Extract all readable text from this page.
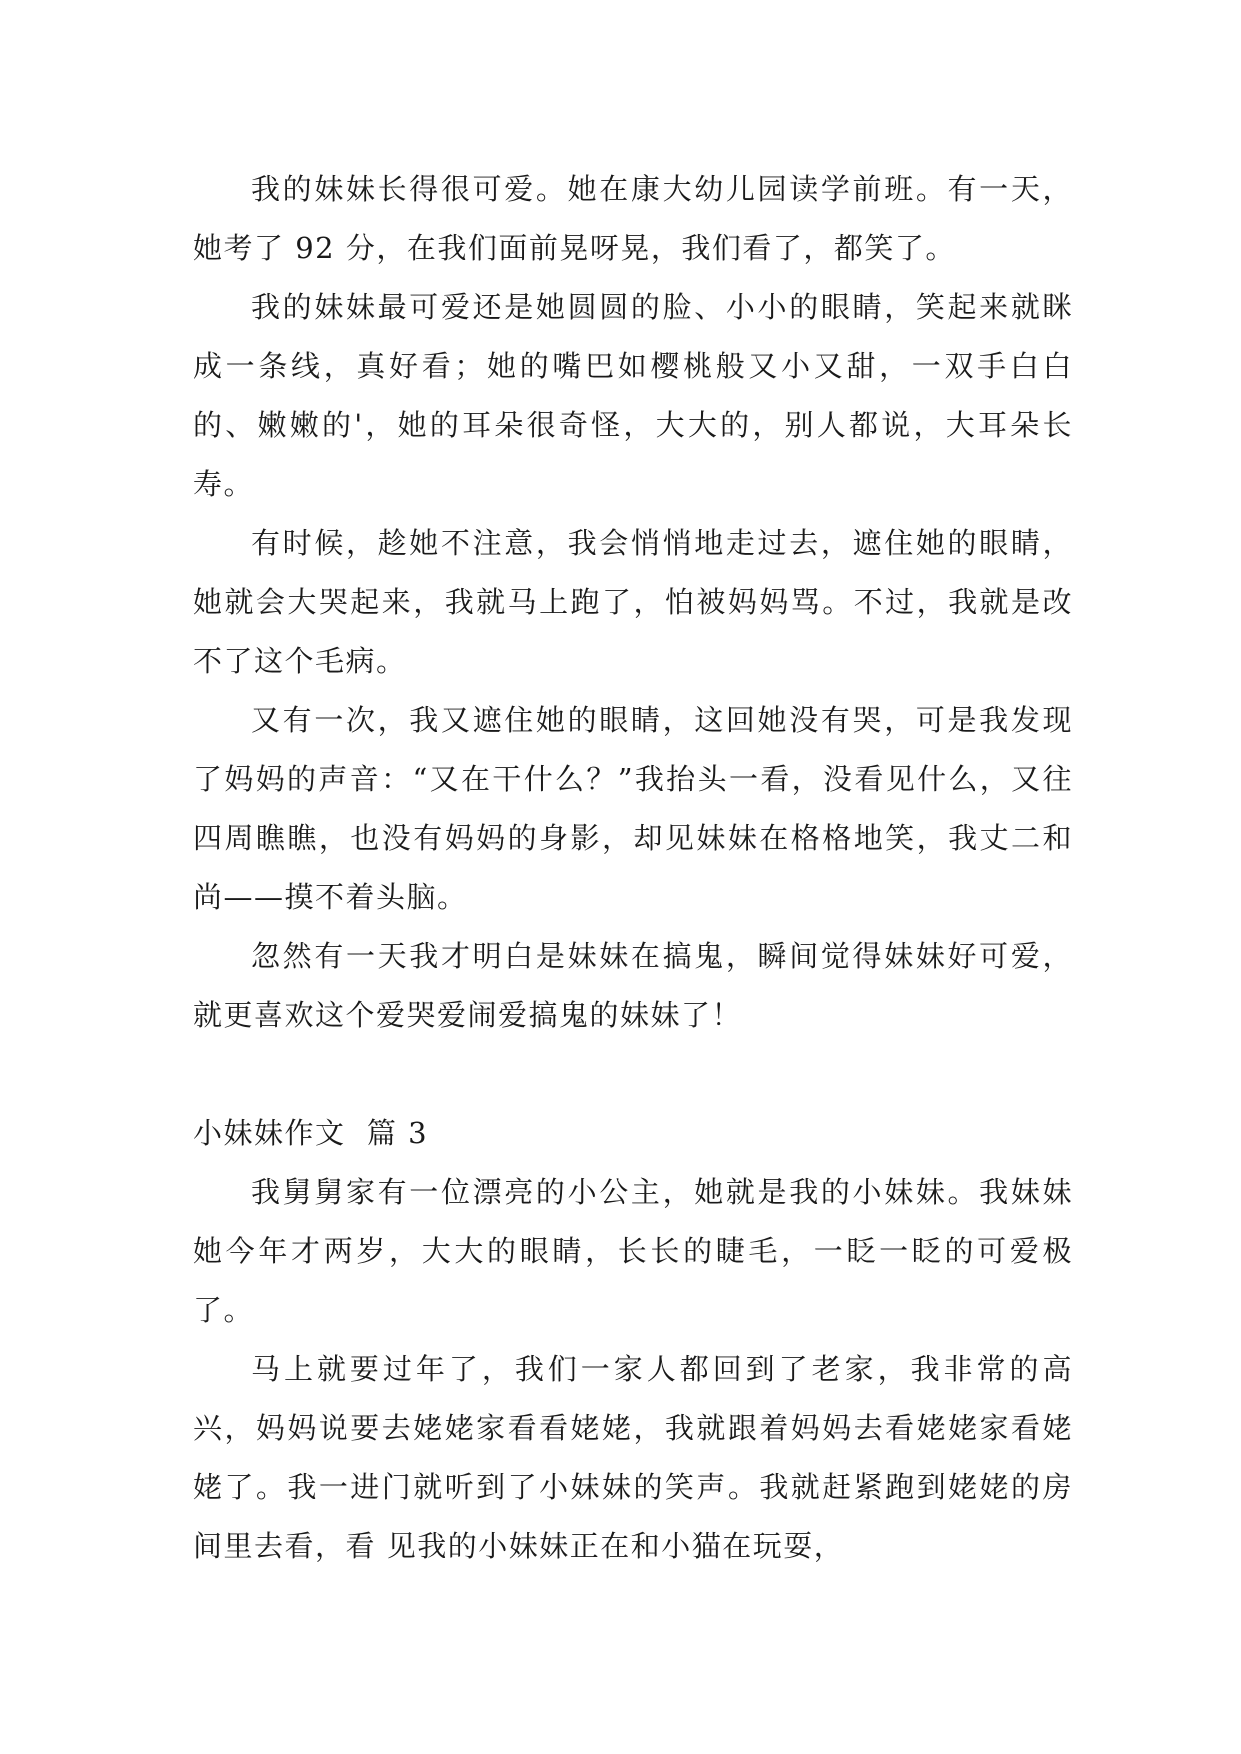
我的妹妹长得很可爱。她在康大幼儿园读学前班。有一天，她考了 92 分，在我们面前晃呀晃，我们看了，都笑了。

我的妹妹最可爱还是她圆圆的脸、小小的眼睛，笑起来就眯成一条线，真好看；她的嘴巴如樱桃般又小又甜，一双手白白的、嫩嫩的'，她的耳朵很奇怪，大大的，别人都说，大耳朵长寿。

有时候，趁她不注意，我会悄悄地走过去，遮住她的眼睛，她就会大哭起来，我就马上跑了，怕被妈妈骂。不过，我就是改不了这个毛病。

又有一次，我又遮住她的眼睛，这回她没有哭，可是我发现了妈妈的声音：“又在干什么？”我抬头一看，没看见什么，又往四周瞧瞧，也没有妈妈的身影，却见妹妹在格格地笑，我丈二和尚——摸不着头脑。

忽然有一天我才明白是妹妹在搞鬼，瞬间觉得妹妹好可爱，就更喜欢这个爱哭爱闹爱搞鬼的妹妹了！

小妹妹作文  篇 3

我舅舅家有一位漂亮的小公主，她就是我的小妹妹。我妹妹她今年才两岁，大大的眼睛，长长的睫毛，一眨一眨的可爱极了。

马上就要过年了，我们一家人都回到了老家，我非常的高兴，妈妈说要去姥姥家看看姥姥，我就跟着妈妈去看姥姥家看姥姥了。我一进门就听到了小妹妹的笑声。我就赶紧跑到姥姥的房间里去看，看 见我的小妹妹正在和小猫在玩耍，
